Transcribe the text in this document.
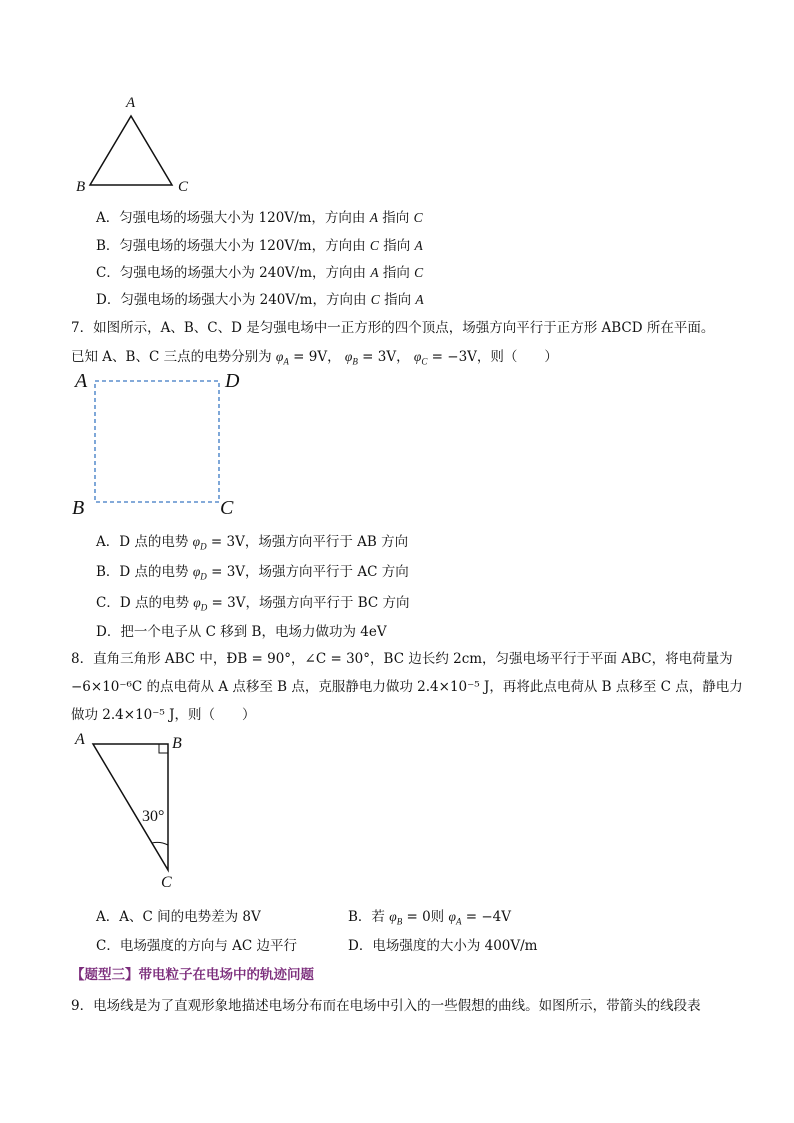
A
B	C
A．匀强电场的场强大小为 120V/m，方向由 A 指向 C
B．匀强电场的场强大小为 120V/m，方向由 C 指向 A
C．匀强电场的场强大小为 240V/m，方向由 A 指向 C
D．匀强电场的场强大小为 240V/m，方向由 C 指向 A
7．如图所示，A、B、C、D 是匀强电场中一正方形的四个顶点，场强方向平行于正方形 ABCD 所在平面。
已知 A、B、C 三点的电势分别为 $\varphi_A = 9V$， $\varphi_B = 3V$， $\varphi_C = -3V$，则（　　）
A	D
B	C
A．D 点的电势 $\varphi_D = 3V$，场强方向平行于 AB 方向
B．D 点的电势 $\varphi_D = 3V$，场强方向平行于 AC 方向
C．D 点的电势 $\varphi_D = 3V$，场强方向平行于 BC 方向
D．把一个电子从 C 移到 B，电场力做功为 4eV
8．直角三角形 ABC 中，ÐB = 90°，∠C = 30°，BC 边长约 2cm，匀强电场平行于平面 ABC，将电荷量为
−6×10⁻⁶C 的点电荷从 A 点移至 B 点，克服静电力做功 2.4×10⁻⁵ J，再将此点电荷从 B 点移至 C 点，静电力
做功 2.4×10⁻⁵ J，则（　　）
A	B
C
30°
A．A、C 间的电势差为 8V	B．若 $\varphi_B = 0$则 $\varphi_A = -4V$
C．电场强度的方向与 AC 边平行	D．电场强度的大小为 400V/m
【题型三】带电粒子在电场中的轨迹问题
9．电场线是为了直观形象地描述电场分布而在电场中引入的一些假想的曲线。如图所示，带箭头的线段表
